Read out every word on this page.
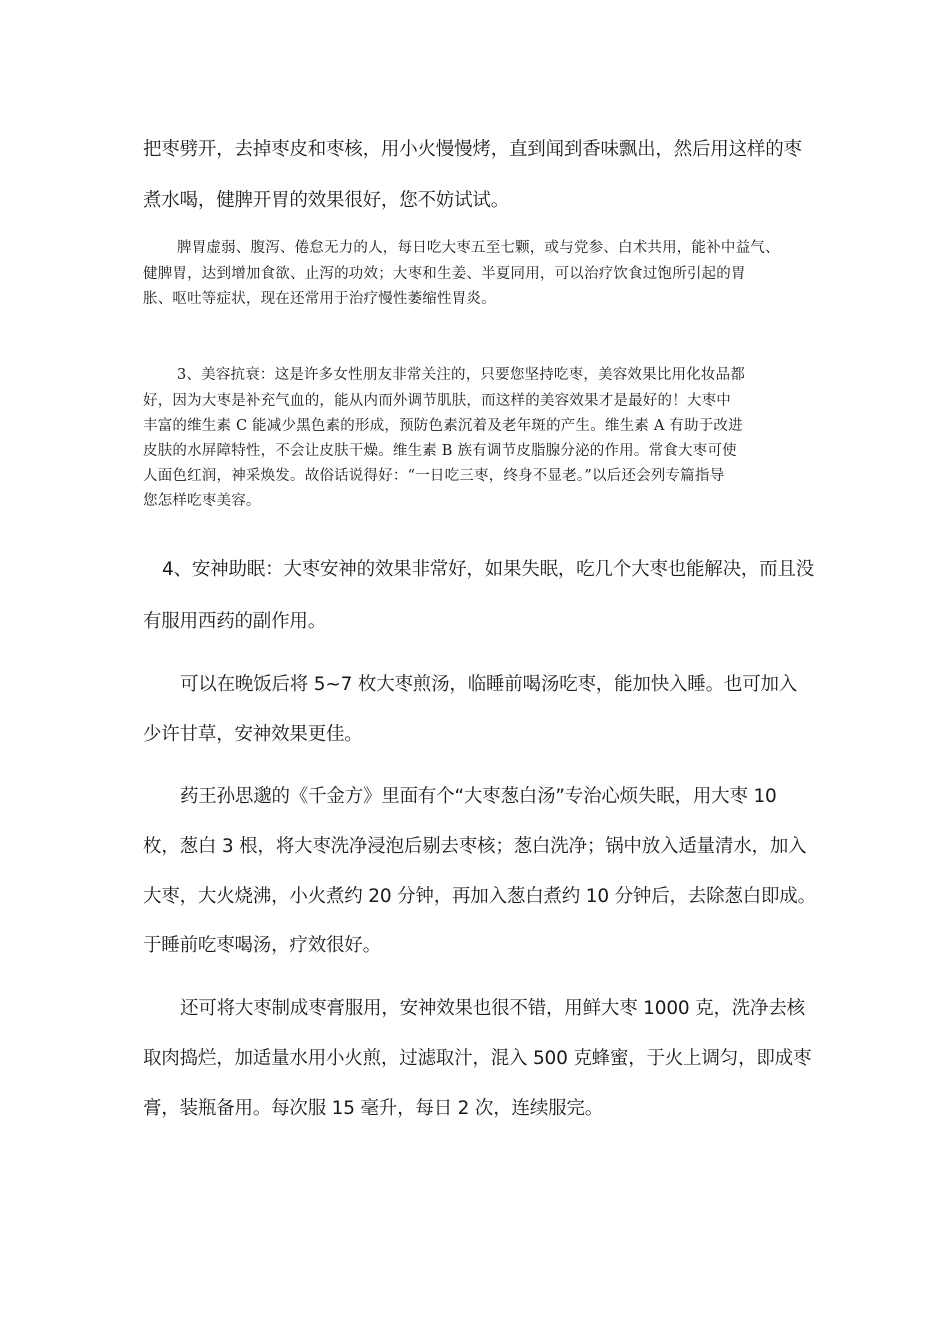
把枣劈开，去掉枣皮和枣核，用小火慢慢烤，直到闻到香味飘出，然后用这样的枣
煮水喝，健脾开胃的效果很好，您不妨试试。
脾胃虚弱、腹泻、倦怠无力的人，每日吃大枣五至七颗，或与党参、白术共用，能补中益气、
健脾胃，达到增加食欲、止泻的功效；大枣和生姜、半夏同用，可以治疗饮食过饱所引起的胃
胀、呕吐等症状，现在还常用于治疗慢性萎缩性胃炎。
3、美容抗衰：这是许多女性朋友非常关注的，只要您坚持吃枣，美容效果比用化妆品都
好，因为大枣是补充气血的，能从内而外调节肌肤，而这样的美容效果才是最好的！大枣中
丰富的维生素 C 能减少黑色素的形成，预防色素沉着及老年斑的产生。维生素 A 有助于改进
皮肤的水屏障特性，不会让皮肤干燥。维生素 B 族有调节皮脂腺分泌的作用。常食大枣可使
人面色红润，神采焕发。故俗话说得好：“一日吃三枣，终身不显老。”以后还会列专篇指导
您怎样吃枣美容。
4、安神助眠：大枣安神的效果非常好，如果失眠，吃几个大枣也能解决，而且没
有服用西药的副作用。
可以在晚饭后将 5~7 枚大枣煎汤，临睡前喝汤吃枣，能加快入睡。也可加入
少许甘草，安神效果更佳。
药王孙思邈的《千金方》里面有个“大枣葱白汤”专治心烦失眠，用大枣 10
枚，葱白 3 根，将大枣洗净浸泡后剔去枣核；葱白洗净；锅中放入适量清水，加入
大枣，大火烧沸，小火煮约 20 分钟，再加入葱白煮约 10 分钟后，去除葱白即成。
于睡前吃枣喝汤，疗效很好。
还可将大枣制成枣膏服用，安神效果也很不错，用鲜大枣 1000 克，洗净去核
取肉捣烂，加适量水用小火煎，过滤取汁，混入 500 克蜂蜜，于火上调匀，即成枣
膏，装瓶备用。每次服 15 毫升，每日 2 次，连续服完。
